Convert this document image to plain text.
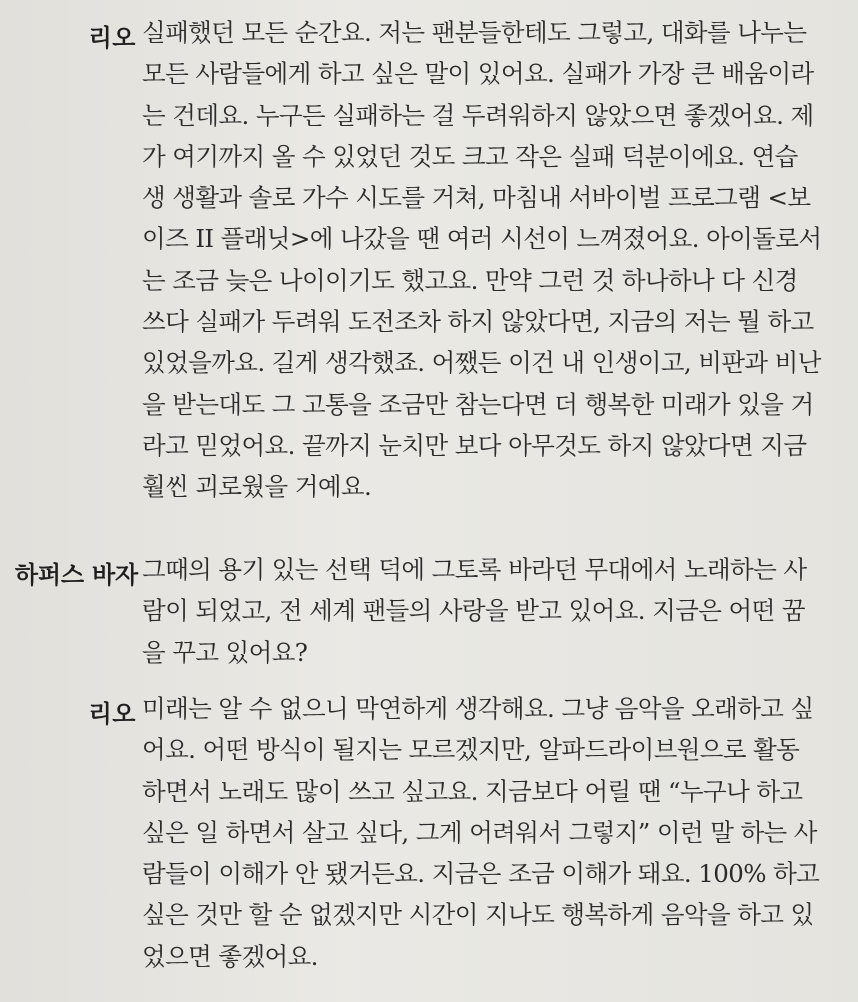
리오 실패했던 모든 순간요. 저는 팬분들한테도 그렇고, 대화를 나누는
모든 사람들에게 하고 싶은 말이 있어요. 실패가 가장 큰 배움이라
는 건데요. 누구든 실패하는 걸 두려워하지 않았으면 좋겠어요. 제
가 여기까지 올 수 있었던 것도 크고 작은 실패 덕분이에요. 연습
생 생활과 솔로 가수 시도를 거쳐, 마침내 서바이벌 프로그램 <보
이즈 II 플래닛>에 나갔을 땐 여러 시선이 느껴졌어요. 아이돌로서
는 조금 늦은 나이이기도 했고요. 만약 그런 것 하나하나 다 신경
쓰다 실패가 두려워 도전조차 하지 않았다면, 지금의 저는 뭘 하고
있었을까요. 길게 생각했죠. 어쨌든 이건 내 인생이고, 비판과 비난
을 받는대도 그 고통을 조금만 참는다면 더 행복한 미래가 있을 거
라고 믿었어요. 끝까지 눈치만 보다 아무것도 하지 않았다면 지금
훨씬 괴로웠을 거예요.
하퍼스 바자 그때의 용기 있는 선택 덕에 그토록 바라던 무대에서 노래하는 사
람이 되었고, 전 세계 팬들의 사랑을 받고 있어요. 지금은 어떤 꿈
을 꾸고 있어요?
리오 미래는 알 수 없으니 막연하게 생각해요. 그냥 음악을 오래하고 싶
어요. 어떤 방식이 될지는 모르겠지만, 알파드라이브원으로 활동
하면서 노래도 많이 쓰고 싶고요. 지금보다 어릴 땐 “누구나 하고
싶은 일 하면서 살고 싶다, 그게 어려워서 그렇지” 이런 말 하는 사
람들이 이해가 안 됐거든요. 지금은 조금 이해가 돼요. 100% 하고
싶은 것만 할 순 없겠지만 시간이 지나도 행복하게 음악을 하고 있
었으면 좋겠어요.
